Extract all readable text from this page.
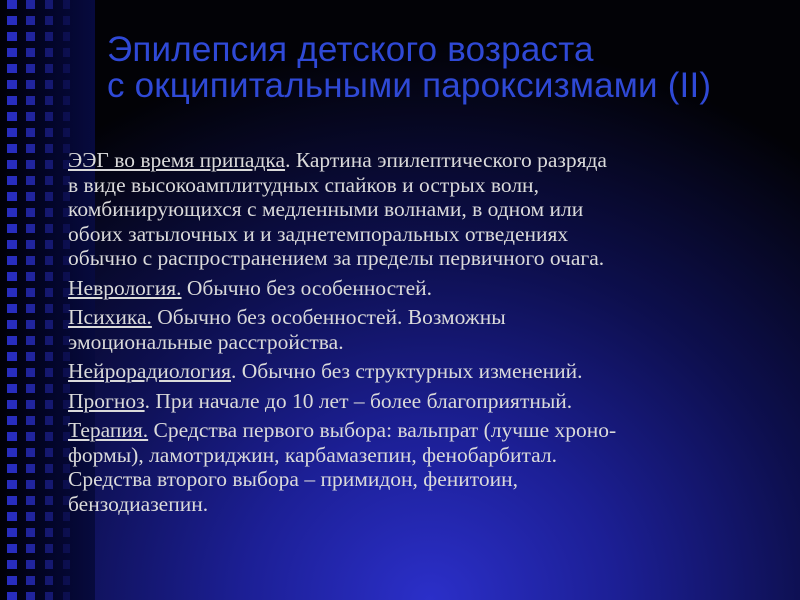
Эпилепсия детского возраста
с окципитальными пароксизмами (II)
ЭЭГ во время припадка. Картина эпилептического разряда
в виде высокоамплитудных спайков и острых волн,
комбинирующихся с медленными волнами, в одном или
обоих затылочных и и заднетемпоральных отведениях
обычно с распространением за пределы первичного очага.
Неврология. Обычно без особенностей.
Психика. Обычно без особенностей. Возможны
эмоциональные расстройства.
Нейрорадиология. Обычно без структурных изменений.
Прогноз. При начале до 10 лет – более благоприятный.
Терапия. Средства первого выбора: вальпрат (лучше хроно-
формы), ламотриджин, карбамазепин, фенобарбитал.
Средства второго выбора – примидон, фенитоин,
бензодиазепин.
